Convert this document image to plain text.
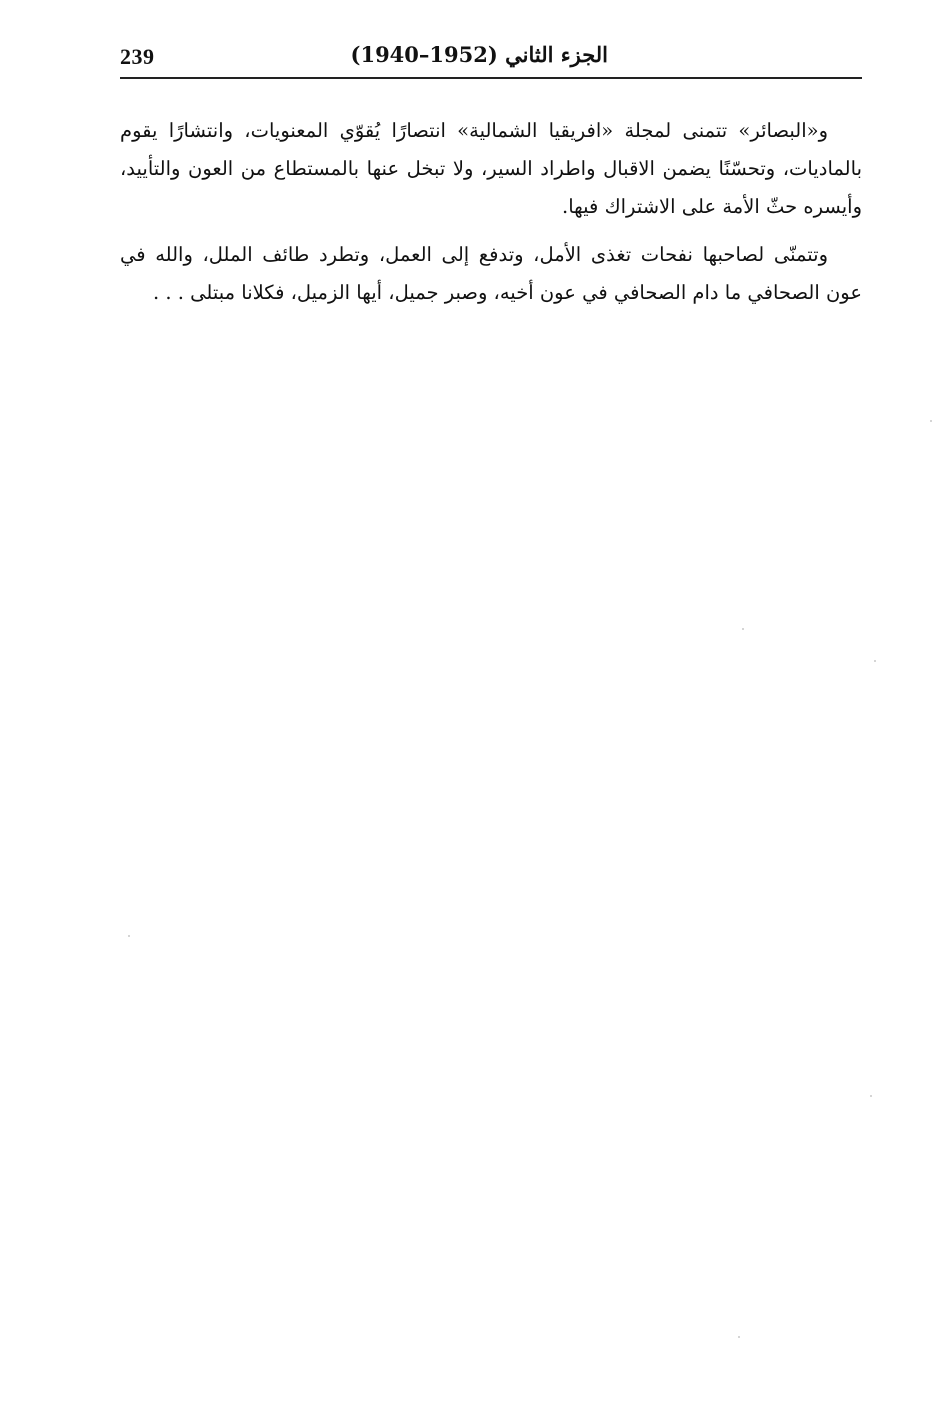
239	الجزء الثاني (1940–1952)

و«البصائر» تتمنى لمجلة «افريقيا الشمالية» انتصارًا يُقوّي المعنويات، وانتشارًا يقوم بالماديات، وتحسّنًا يضمن الاقبال واطراد السير، ولا تبخل عنها بالمستطاع من العون والتأييد، وأيسره حثّ الأمة على الاشتراك فيها.

وتتمنّى لصاحبها نفحات تغذى الأمل، وتدفع إلى العمل، وتطرد طائف الملل، والله في عون الصحافي ما دام الصحافي في عون أخيه، وصبر جميل، أيها الزميل، فكلانا مبتلى . . .
